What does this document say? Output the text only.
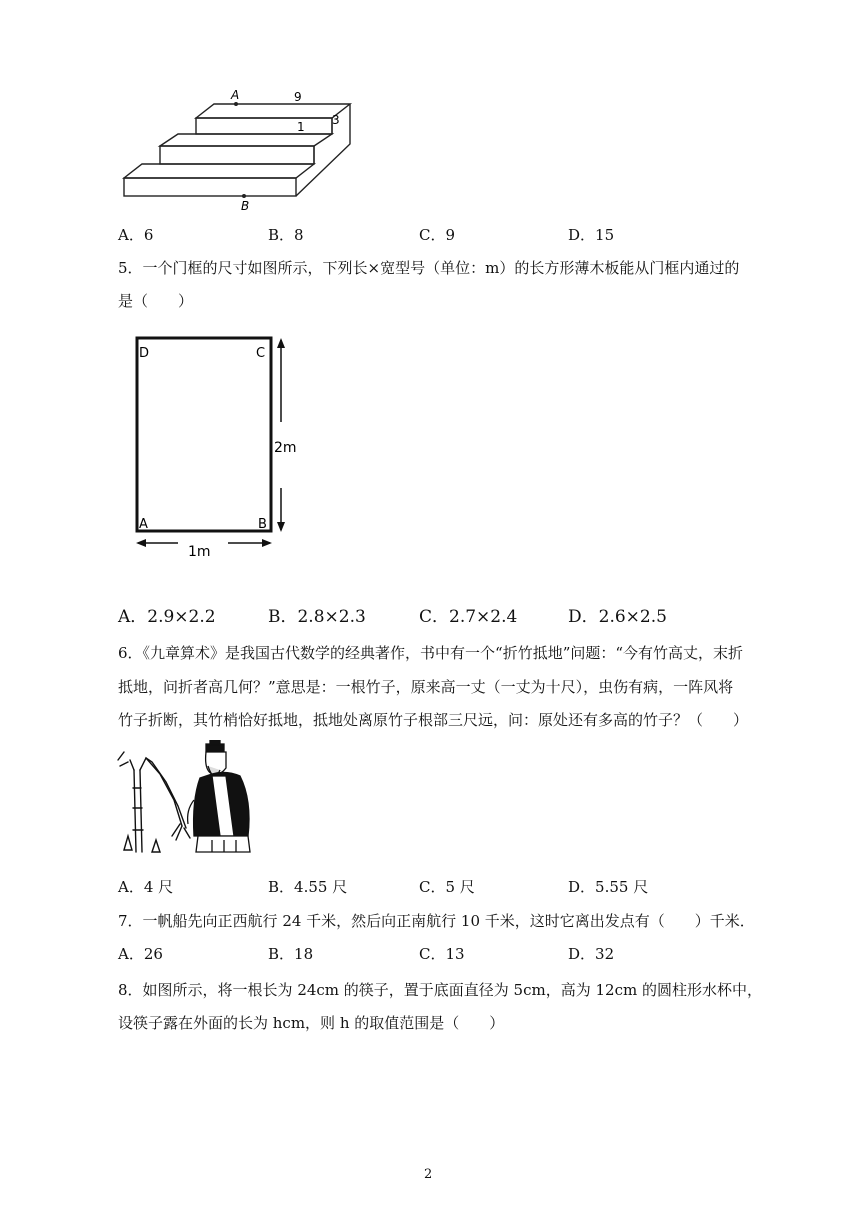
A	9
3
1
B
A．6	B．8	C．9	D．15
5．一个门框的尺寸如图所示，下列长×宽型号（单位：m）的长方形薄木板能从门框内通过的
是（　　）
D	C
A	B
2m
1m
A．2.9×2.2	B．2.8×2.3	C．2.7×2.4	D．2.6×2.5
6．《九章算术》是我国古代数学的经典著作，书中有一个“折竹抵地”问题：“今有竹高丈，末折
抵地，问折者高几何？”意思是：一根竹子，原来高一丈（一丈为十尺），虫伤有病，一阵风将
竹子折断，其竹梢恰好抵地，抵地处离原竹子根部三尺远，问：原处还有多高的竹子？（　　）
A．4 尺	B．4.55 尺	C．5 尺	D．5.55 尺
7．一帆船先向正西航行 24 千米，然后向正南航行 10 千米，这时它离出发点有（　　）千米．
A．26	B．18	C．13	D．32
8．如图所示，将一根长为 24cm 的筷子，置于底面直径为 5cm，高为 12cm 的圆柱形水杯中，
设筷子露在外面的长为 hcm，则 h 的取值范围是（　　）
2
